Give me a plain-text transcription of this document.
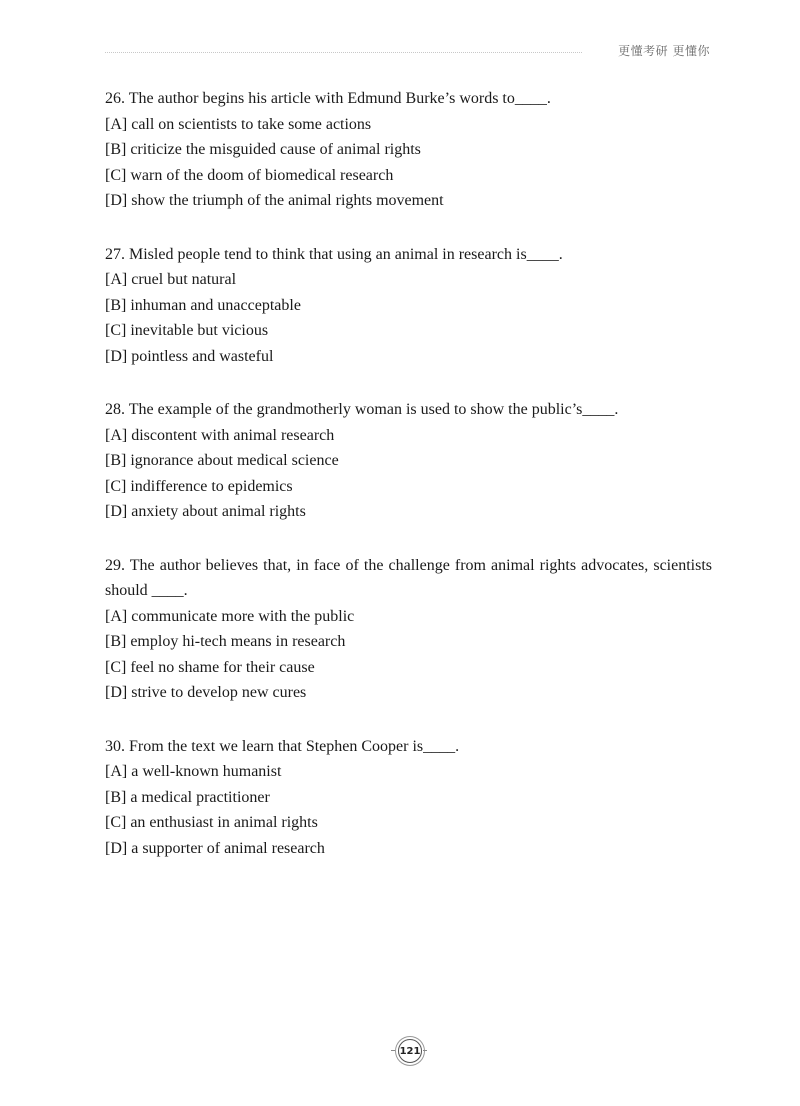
更懂考研 更懂你
26. The author begins his article with Edmund Burke’s words to____.
[A] call on scientists to take some actions
[B] criticize the misguided cause of animal rights
[C] warn of the doom of biomedical research
[D] show the triumph of the animal rights movement
27. Misled people tend to think that using an animal in research is____.
[A] cruel but natural
[B] inhuman and unacceptable
[C] inevitable but vicious
[D] pointless and wasteful
28. The example of the grandmotherly woman is used to show the public’s____.
[A] discontent with animal research
[B] ignorance about medical science
[C] indifference to epidemics
[D] anxiety about animal rights
29. The author believes that, in face of the challenge from animal rights advocates, scientists should ____.
[A] communicate more with the public
[B] employ hi-tech means in research
[C] feel no shame for their cause
[D] strive to develop new cures
30. From the text we learn that Stephen Cooper is____.
[A] a well-known humanist
[B] a medical practitioner
[C] an enthusiast in animal rights
[D] a supporter of animal research
121
